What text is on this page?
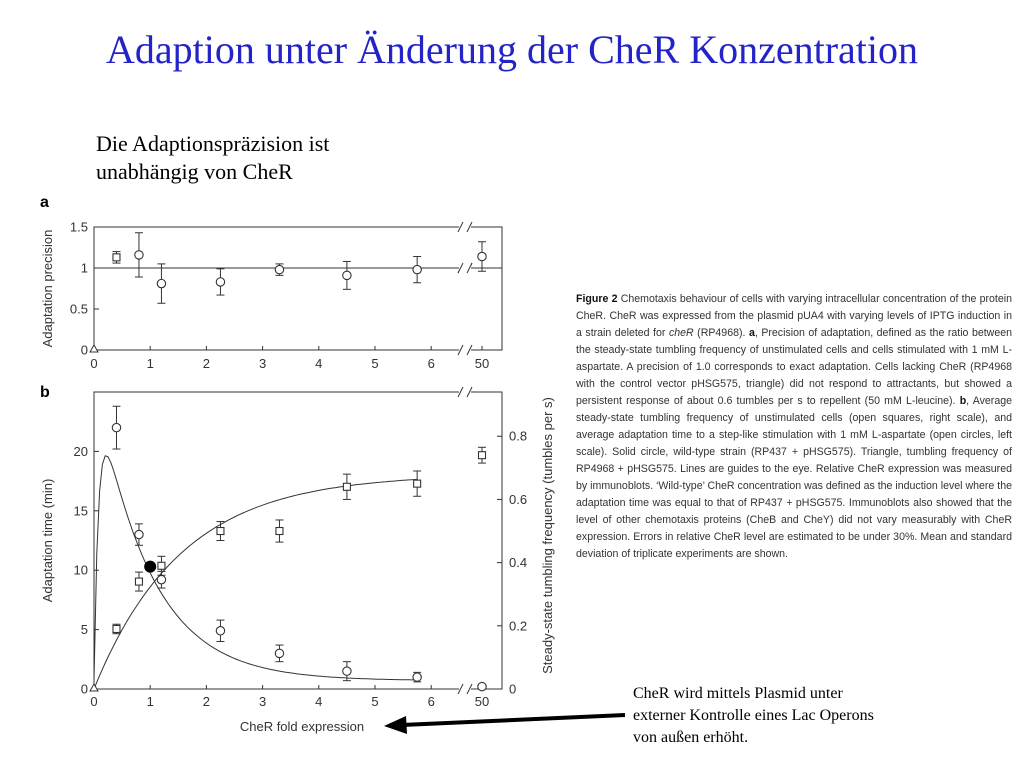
Adaption unter Änderung der CheR Konzentration
Die Adaptionspräzision ist
unabhängig von CheR
a
b
0
0.5
1
1.5
0	1	2	3	4	5	6	50
Adaptation precision
0
5
10
15
20
0
0.2
0.4
0.6
0.8
0	1	2	3	4	5	6	50
CheR fold expression
Adaptation time (min)	Steady-state tumbling frequency (tumbles per s)
Figure 2 Chemotaxis behaviour of cells with varying intracellular concentration of the protein CheR. CheR was expressed from the plasmid pUA4 with varying levels of IPTG induction in a strain deleted for cheR (RP4968). a, Precision of adaptation, defined as the ratio between the steady-state tumbling frequency of unstimulated cells and cells stimulated with 1 mM L-aspartate. A precision of 1.0 corresponds to exact adaptation. Cells lacking CheR (RP4968 with the control vector pHSG575, triangle) did not respond to attractants, but showed a persistent response of about 0.6 tumbles per s to repellent (50 mM L-leucine). b, Average steady-state tumbling frequency of unstimulated cells (open squares, right scale), and average adaptation time to a step-like stimulation with 1 mM L-aspartate (open circles, left scale). Solid circle, wild-type strain (RP437 + pHSG575). Triangle, tumbling frequency of RP4968 + pHSG575. Lines are guides to the eye. Relative CheR expression was measured by immunoblots. ‘Wild-type’ CheR concentration was defined as the induction level where the adaptation time was equal to that of RP437 + pHSG575. Immunoblots also showed that the level of other chemotaxis proteins (CheB and CheY) did not vary measurably with CheR expression. Errors in relative CheR level are estimated to be under 30%. Mean and standard deviation of triplicate experiments are shown.
CheR wird mittels Plasmid unter
externer Kontrolle eines Lac Operons
von außen erhöht.
